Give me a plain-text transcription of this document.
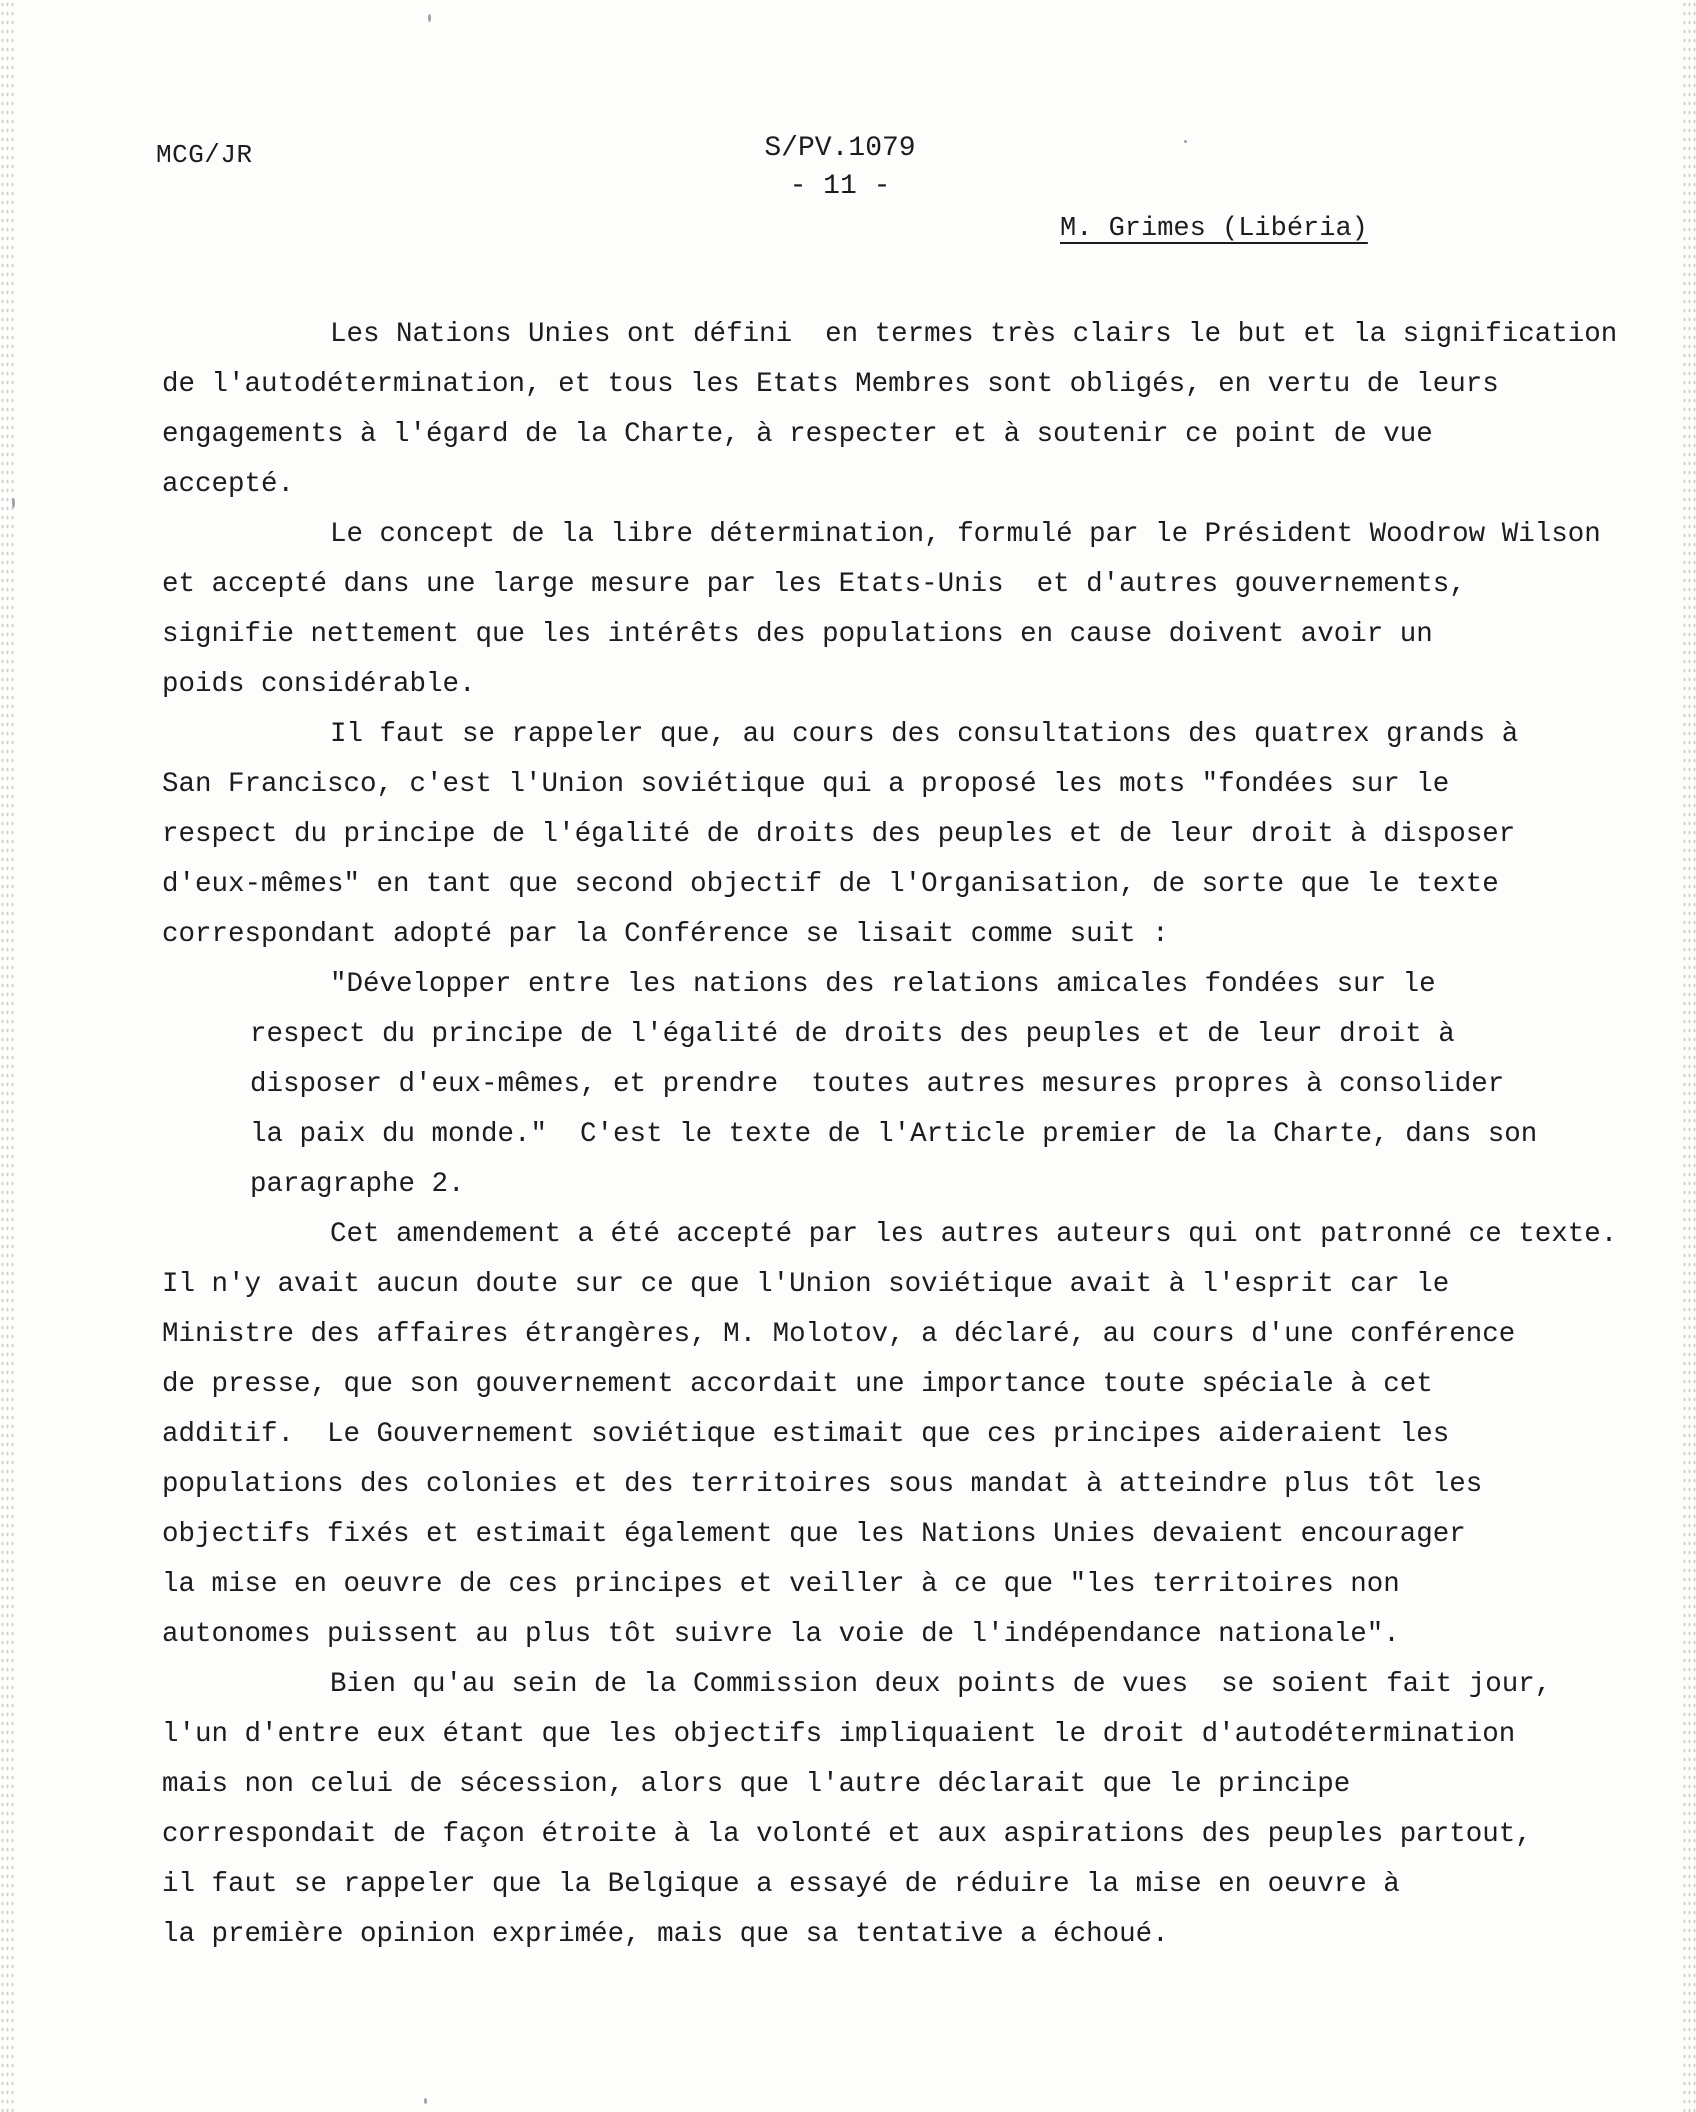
MCG/JR	S/PV.1079
- 11 -
M. Grimes (Libéria)

Les Nations Unies ont défini  en termes très clairs le but et la signification
de l'autodétermination, et tous les Etats Membres sont obligés, en vertu de leurs
engagements à l'égard de la Charte, à respecter et à soutenir ce point de vue
accepté.

Le concept de la libre détermination, formulé par le Président Woodrow Wilson
et accepté dans une large mesure par les Etats-Unis  et d'autres gouvernements,
signifie nettement que les intérêts des populations en cause doivent avoir un
poids considérable.

Il faut se rappeler que, au cours des consultations des quatrex grands à
San Francisco, c'est l'Union soviétique qui a proposé les mots "fondées sur le
respect du principe de l'égalité de droits des peuples et de leur droit à disposer
d'eux-mêmes" en tant que second objectif de l'Organisation, de sorte que le texte
correspondant adopté par la Conférence se lisait comme suit :

"Développer entre les nations des relations amicales fondées sur le
respect du principe de l'égalité de droits des peuples et de leur droit à
disposer d'eux-mêmes, et prendre  toutes autres mesures propres à consolider
la paix du monde."  C'est le texte de l'Article premier de la Charte, dans son
paragraphe 2.

Cet amendement a été accepté par les autres auteurs qui ont patronné ce texte.
Il n'y avait aucun doute sur ce que l'Union soviétique avait à l'esprit car le
Ministre des affaires étrangères, M. Molotov, a déclaré, au cours d'une conférence
de presse, que son gouvernement accordait une importance toute spéciale à cet
additif.  Le Gouvernement soviétique estimait que ces principes aideraient les
populations des colonies et des territoires sous mandat à atteindre plus tôt les
objectifs fixés et estimait également que les Nations Unies devaient encourager
la mise en oeuvre de ces principes et veiller à ce que "les territoires non
autonomes puissent au plus tôt suivre la voie de l'indépendance nationale".

Bien qu'au sein de la Commission deux points de vues  se soient fait jour,
l'un d'entre eux étant que les objectifs impliquaient le droit d'autodétermination
mais non celui de sécession, alors que l'autre déclarait que le principe
correspondait de façon étroite à la volonté et aux aspirations des peuples partout,
il faut se rappeler que la Belgique a essayé de réduire la mise en oeuvre à
la première opinion exprimée, mais que sa tentative a échoué.
